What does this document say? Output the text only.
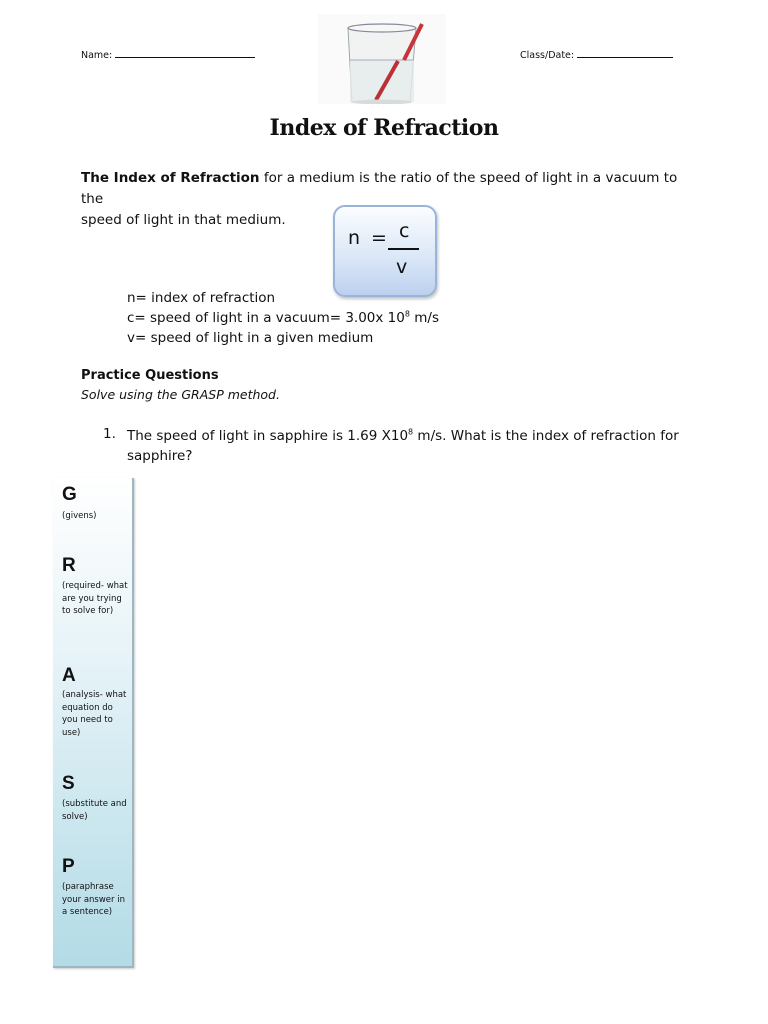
Name:	Class/Date:
Index of Refraction
The Index of Refraction for a medium is the ratio of the speed of light in a vacuum to the
speed of light in that medium.
n = c
v
n= index of refraction
c= speed of light in a vacuum= 3.00x $10^8$ m/s
v= speed of light in a given medium
Practice Questions
Solve using the GRASP method.
1. The speed of light in sapphire is 1.69 $X10^8$ m/s. What is the index of refraction for sapphire?
G
(givens)
R
(required- what are you trying to solve for)
A
(analysis- what equation do you need to use)
S
(substitute and solve)
P
(paraphrase your answer in a sentence)
